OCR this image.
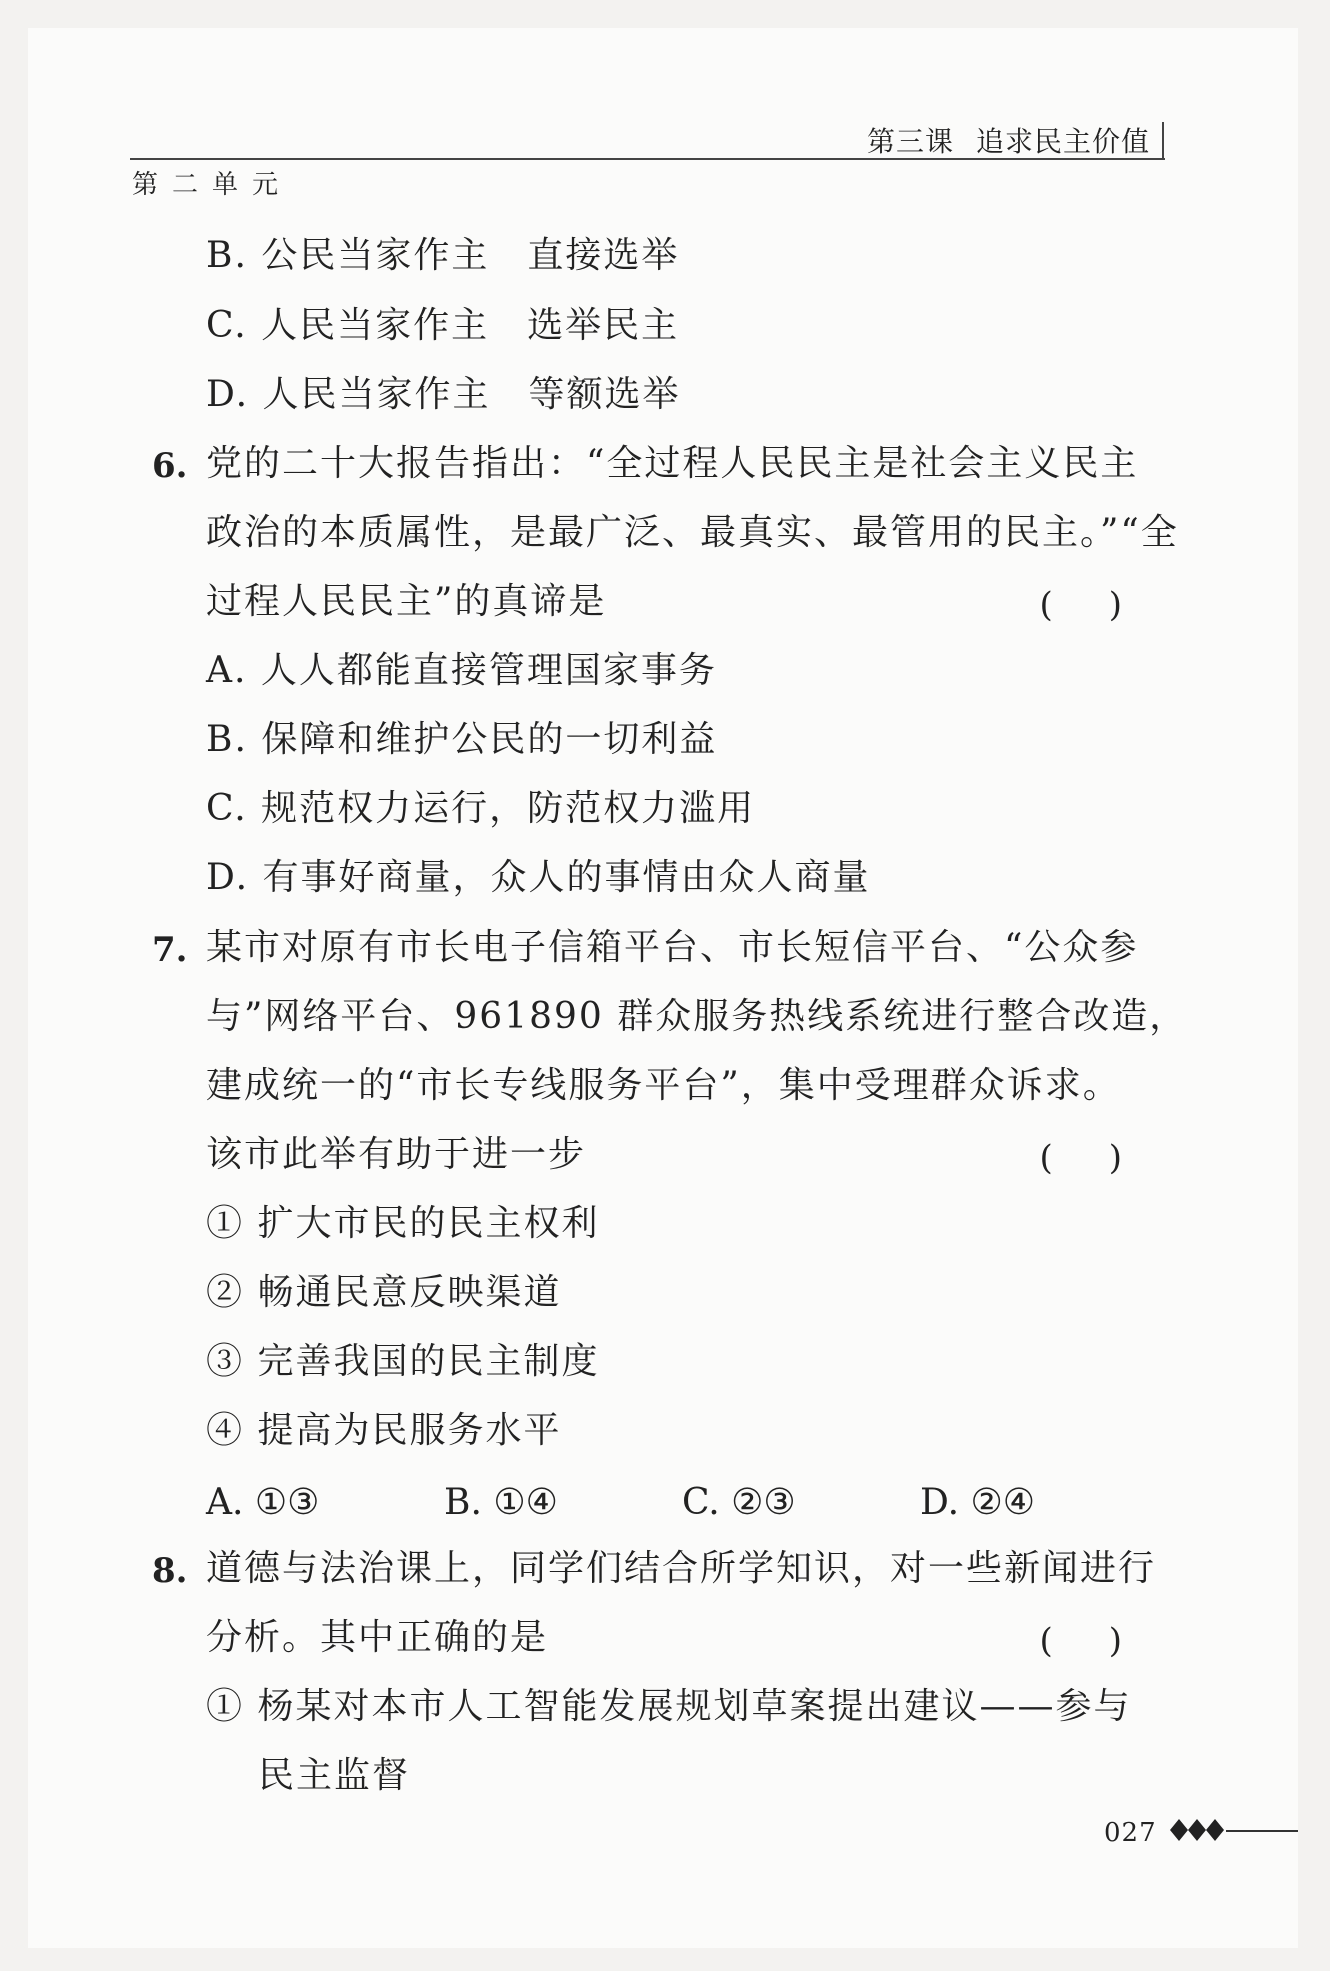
第三课 追求民主价值
第二单元
B. 公民当家作主　直接选举
C. 人民当家作主　选举民主
D. 人民当家作主　等额选举
6. 党的二十大报告指出：“全过程人民民主是社会主义民主
政治的本质属性，是最广泛、最真实、最管用的民主。”“全
过程人民民主”的真谛是	( )
A. 人人都能直接管理国家事务
B. 保障和维护公民的一切利益
C. 规范权力运行，防范权力滥用
D. 有事好商量，众人的事情由众人商量
7. 某市对原有市长电子信箱平台、市长短信平台、“公众参
与”网络平台、961890 群众服务热线系统进行整合改造，
建成统一的“市长专线服务平台”，集中受理群众诉求。
该市此举有助于进一步	( )
① 扩大市民的民主权利
② 畅通民意反映渠道
③ 完善我国的民主制度
④ 提高为民服务水平
A. ①③	B. ①④	C. ②③	D. ②④
8. 道德与法治课上，同学们结合所学知识，对一些新闻进行
分析。其中正确的是	( )
① 杨某对本市人工智能发展规划草案提出建议——参与
民主监督
027
